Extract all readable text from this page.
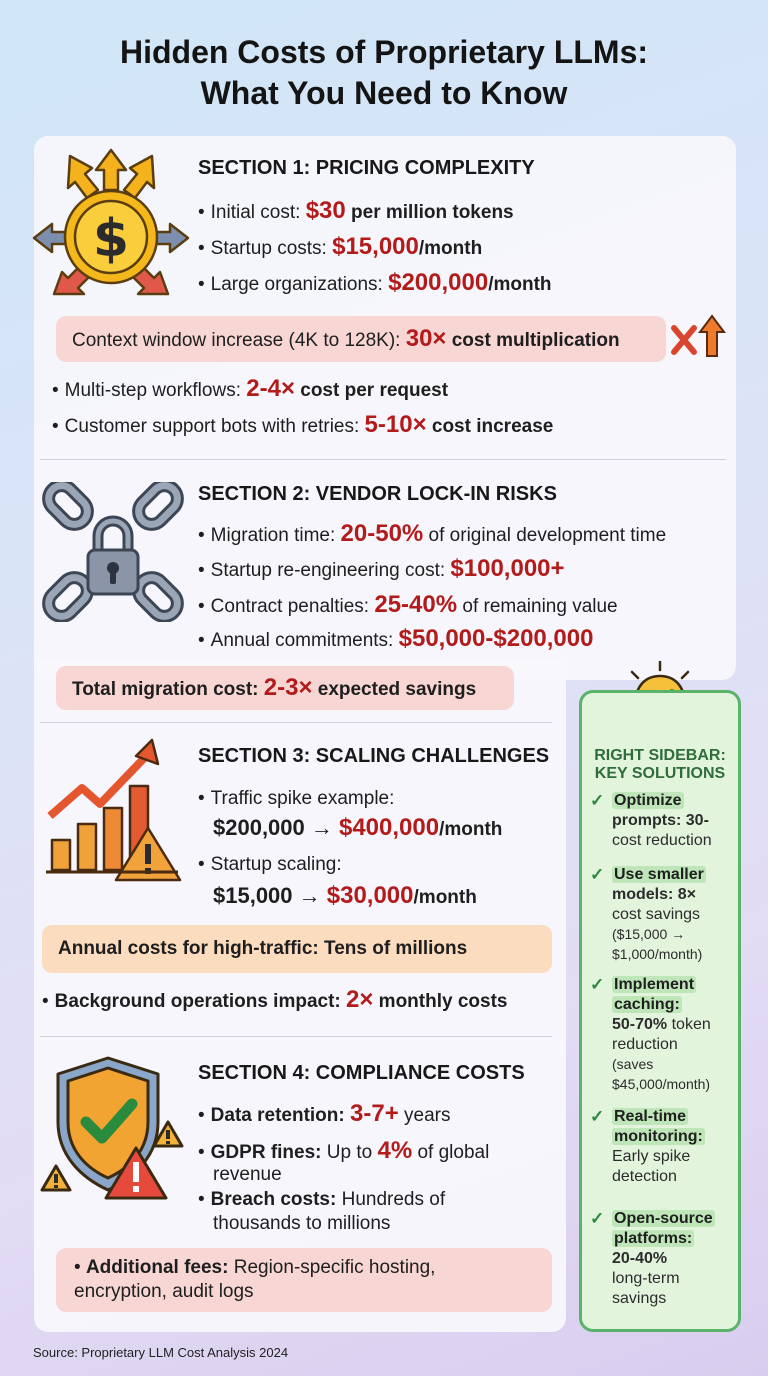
Hidden Costs of Proprietary LLMs:
What You Need to Know
$
SECTION 1: PRICING COMPLEXITY
• Initial cost: $30 per million tokens
• Startup costs: $15,000/month
• Large organizations: $200,000/month
Context window increase (4K to 128K): 30× cost multiplication
• Multi-step workflows: 2-4× cost per request
• Customer support bots with retries: 5-10× cost increase
SECTION 2: VENDOR LOCK-IN RISKS
• Migration time: 20-50% of original development time
• Startup re-engineering cost: $100,000+
• Contract penalties: 25-40% of remaining value
• Annual commitments: $50,000-$200,000
Total migration cost: 2-3× expected savings
SECTION 3: SCALING CHALLENGES
• Traffic spike example:
$200,000 → $400,000/month
• Startup scaling:
$15,000 → $30,000/month
Annual costs for high-traffic: Tens of millions
• Background operations impact: 2× monthly costs
SECTION 4: COMPLIANCE COSTS
• Data retention: 3-7+ years
• GDPR fines: Up to 4% of global
revenue
• Breach costs: Hundreds of
thousands to millions
• Additional fees: Region-specific hosting,
encryption, audit logs
RIGHT SIDEBAR:
KEY SOLUTIONS
✓ Optimize
prompts: 30-
cost reduction
✓ Use smaller
models: 8×
cost savings
($15,000 →
$1,000/month)
✓ Implement
caching:
50-70% token
reduction
(saves
$45,000/month)
✓ Real-time
monitoring:
Early spike
detection
✓ Open-source
platforms:
20-40%
long-term
savings
Source: Proprietary LLM Cost Analysis 2024
